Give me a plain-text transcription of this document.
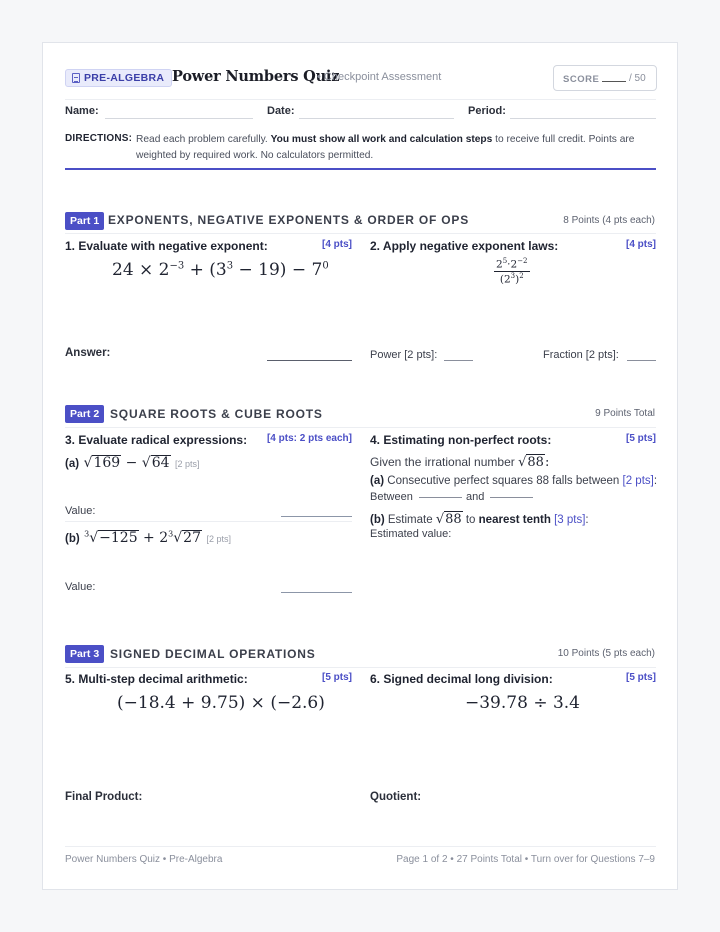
PRE-ALGEBRA Power Numbers Quiz
• Checkpoint Assessment	SCORE	/ 50
Name:	Date:	Period:
DIRECTIONS: Read each problem carefully. You must show all work and calculation steps to receive full credit. Points are weighted by required work. No calculators permitted.
Part 1 EXPONENTS, NEGATIVE EXPONENTS & ORDER OF OPS	8 Points (4 pts each)
1. Evaluate with negative exponent:	[4 pts]
$24 \times 2^{-3} + (3^3 - 19) - 7^0$
Answer:
2. Apply negative exponent laws:	[4 pts]
$\frac{2^5\cdot 2^{-2}}{(2^3)^2}$
Power [2 pts]:	Fraction [2 pts]:
Part 2 SQUARE ROOTS & CUBE ROOTS	9 Points Total
3. Evaluate radical expressions:	[4 pts: 2 pts each]
(a) √169 − √64 [2 pts]
Value:
(b) $^3√-125 + 2^3√27$ [2 pts]
Value:
4. Estimating non-perfect roots:	[5 pts]
Given the irrational number √88:
(a) Consecutive perfect squares 88 falls between [2 pts]:
Between	and
(b) Estimate √88 to nearest tenth [3 pts]:
Estimated value:
Part 3 SIGNED DECIMAL OPERATIONS	10 Points (5 pts each)
5. Multi-step decimal arithmetic:	[5 pts]
(−18.4 + 9.75) × (−2.6)
Final Product:
6. Signed decimal long division:	[5 pts]
−39.78 ÷ 3.4
Quotient:
Power Numbers Quiz • Pre-Algebra	Page 1 of 2 • 27 Points Total • Turn over for Questions 7–9
